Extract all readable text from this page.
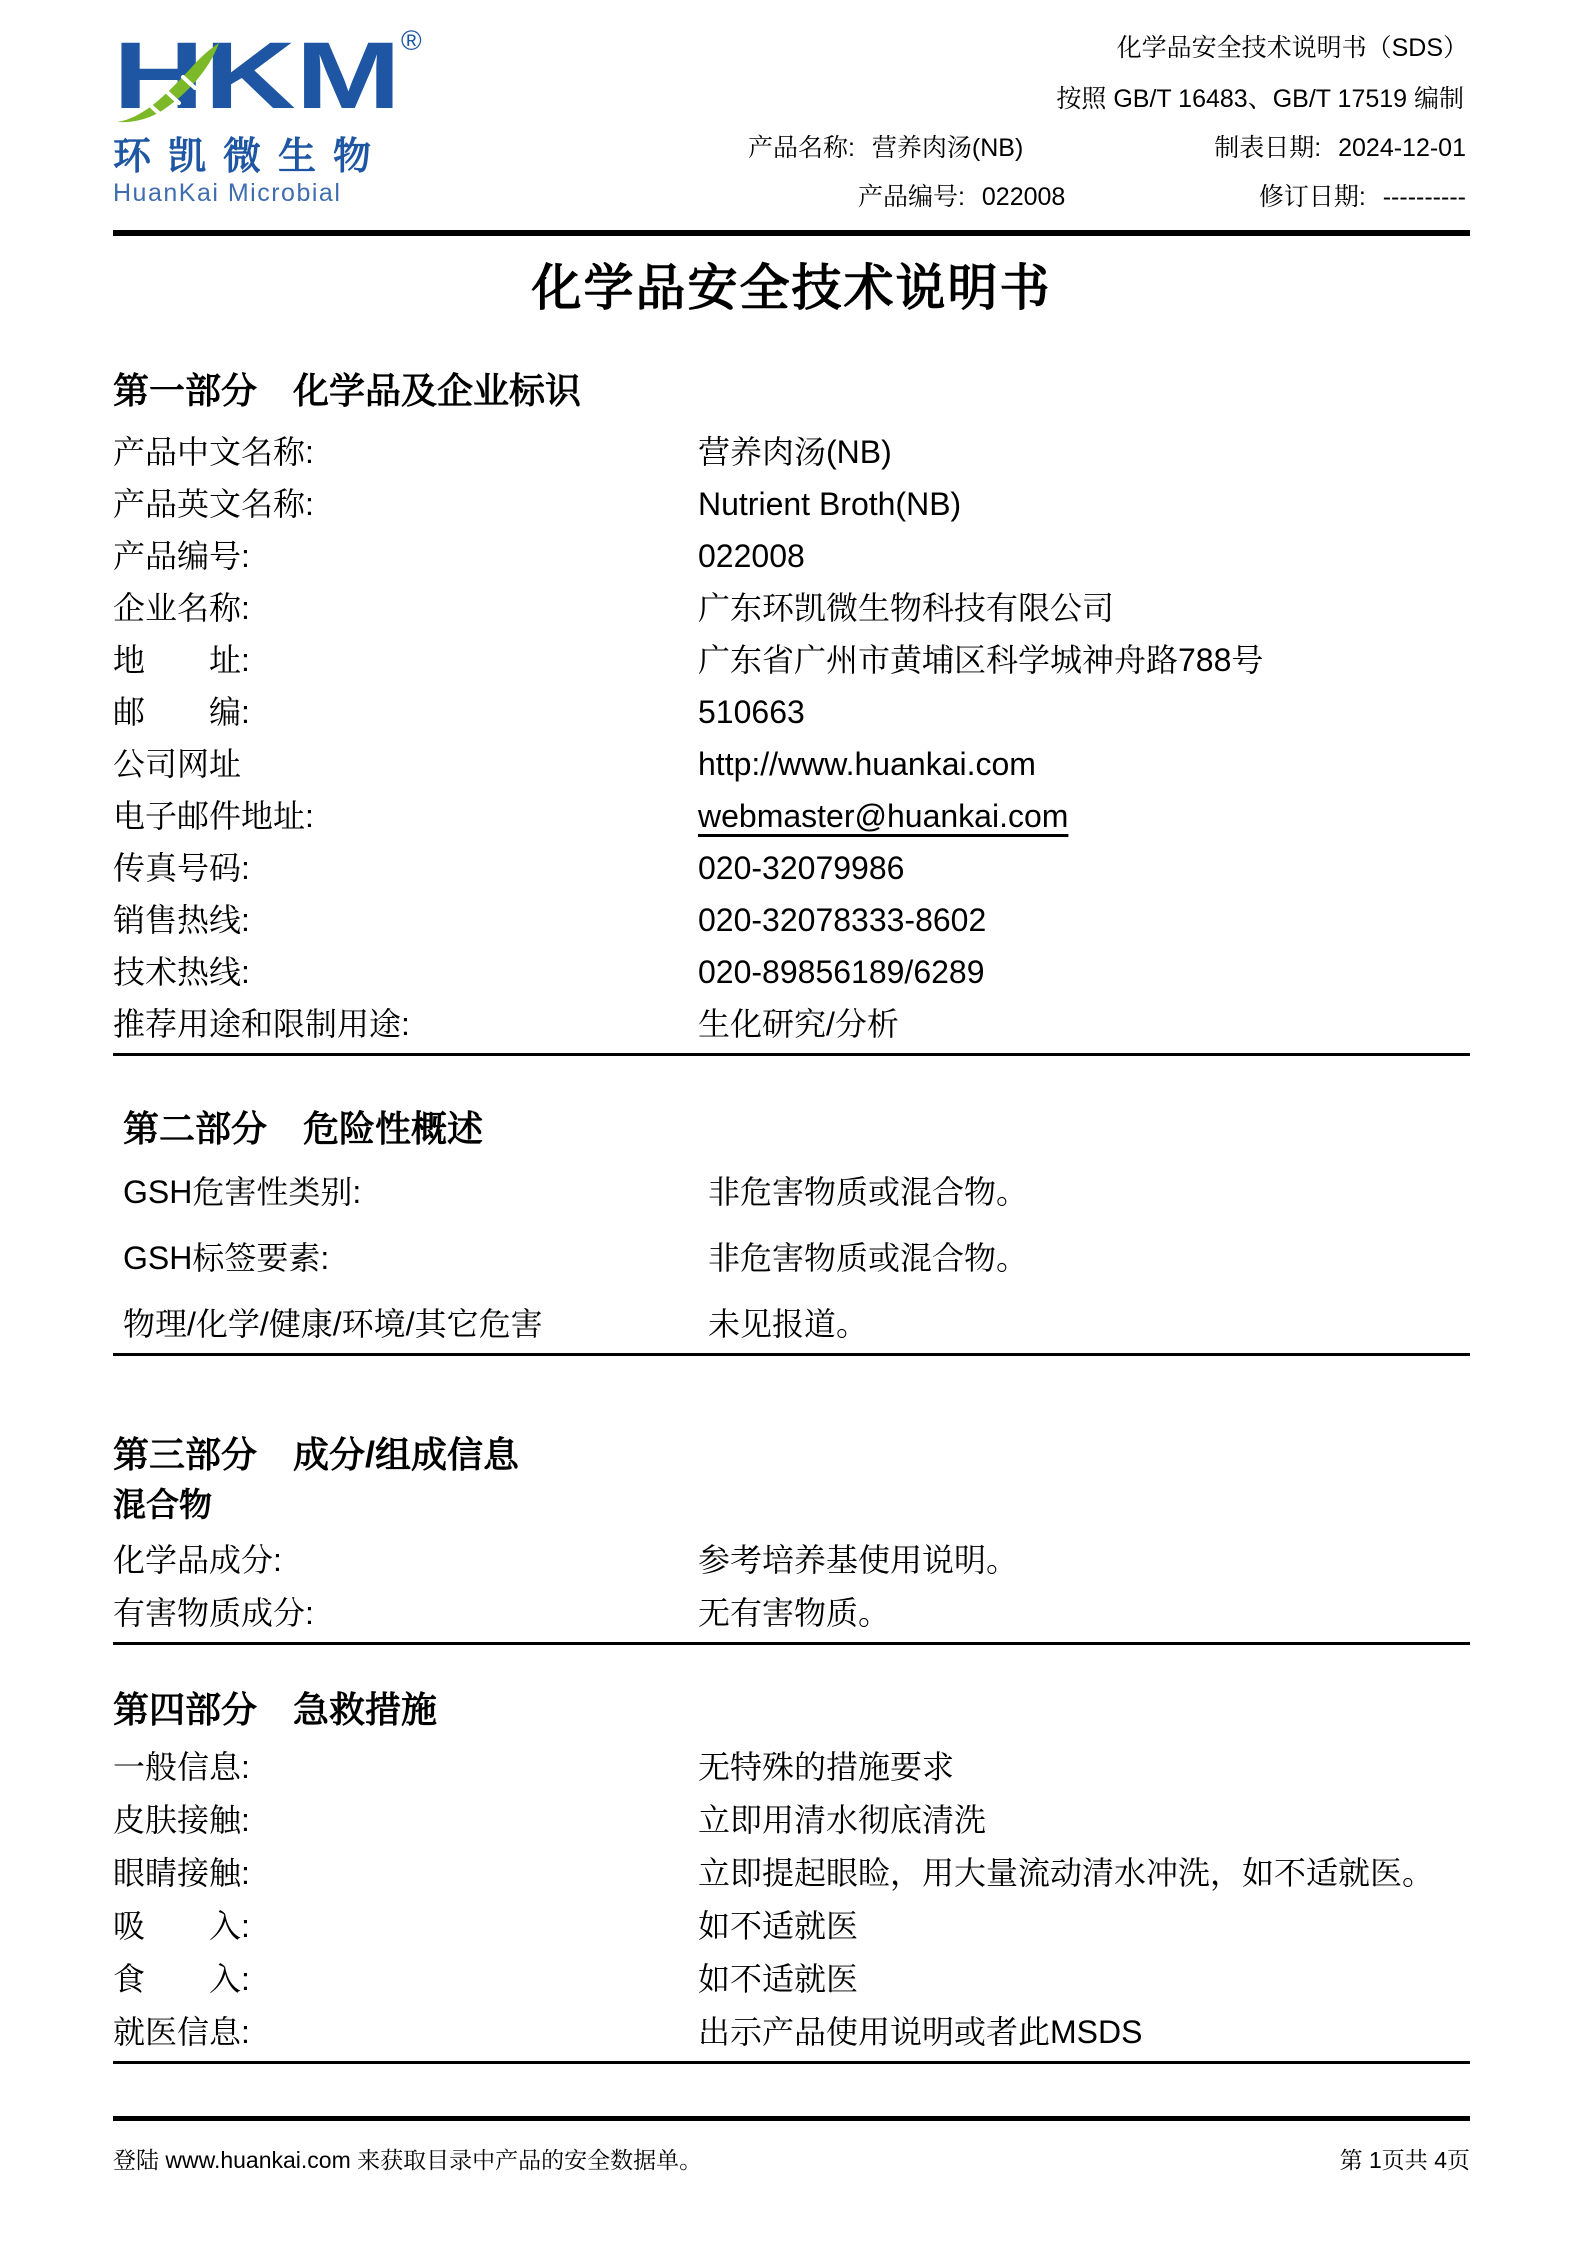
HKM ®
环凯微生物
HuanKai Microbial
化学品安全技术说明书（SDS）
按照 GB/T 16483、GB/T 17519 编制
产品名称: 营养肉汤(NB)	制表日期: 2024-12-01
产品编号: 022008	修订日期: ----------
化学品安全技术说明书
第一部分　化学品及企业标识
产品中文名称:	营养肉汤(NB)
产品英文名称:	Nutrient Broth(NB)
产品编号:	022008
企业名称:	广东环凯微生物科技有限公司
地　　址:	广东省广州市黄埔区科学城神舟路788号
邮　　编:	510663
公司网址	http://www.huankai.com
电子邮件地址:	webmaster@huankai.com
传真号码:	020-32079986
销售热线:	020-32078333-8602
技术热线:	020-89856189/6289
推荐用途和限制用途:	生化研究/分析
第二部分　危险性概述
GSH危害性类别:	非危害物质或混合物。
GSH标签要素:	非危害物质或混合物。
物理/化学/健康/环境/其它危害	未见报道。
第三部分　成分/组成信息
混合物
化学品成分:	参考培养基使用说明。
有害物质成分:	无有害物质。
第四部分　急救措施
一般信息:	无特殊的措施要求
皮肤接触:	立即用清水彻底清洗
眼睛接触:	立即提起眼睑，用大量流动清水冲洗，如不适就医。
吸　　入:	如不适就医
食　　入:	如不适就医
就医信息:	出示产品使用说明或者此MSDS
登陆 www.huankai.com 来获取目录中产品的安全数据单。	第 1页共 4页
